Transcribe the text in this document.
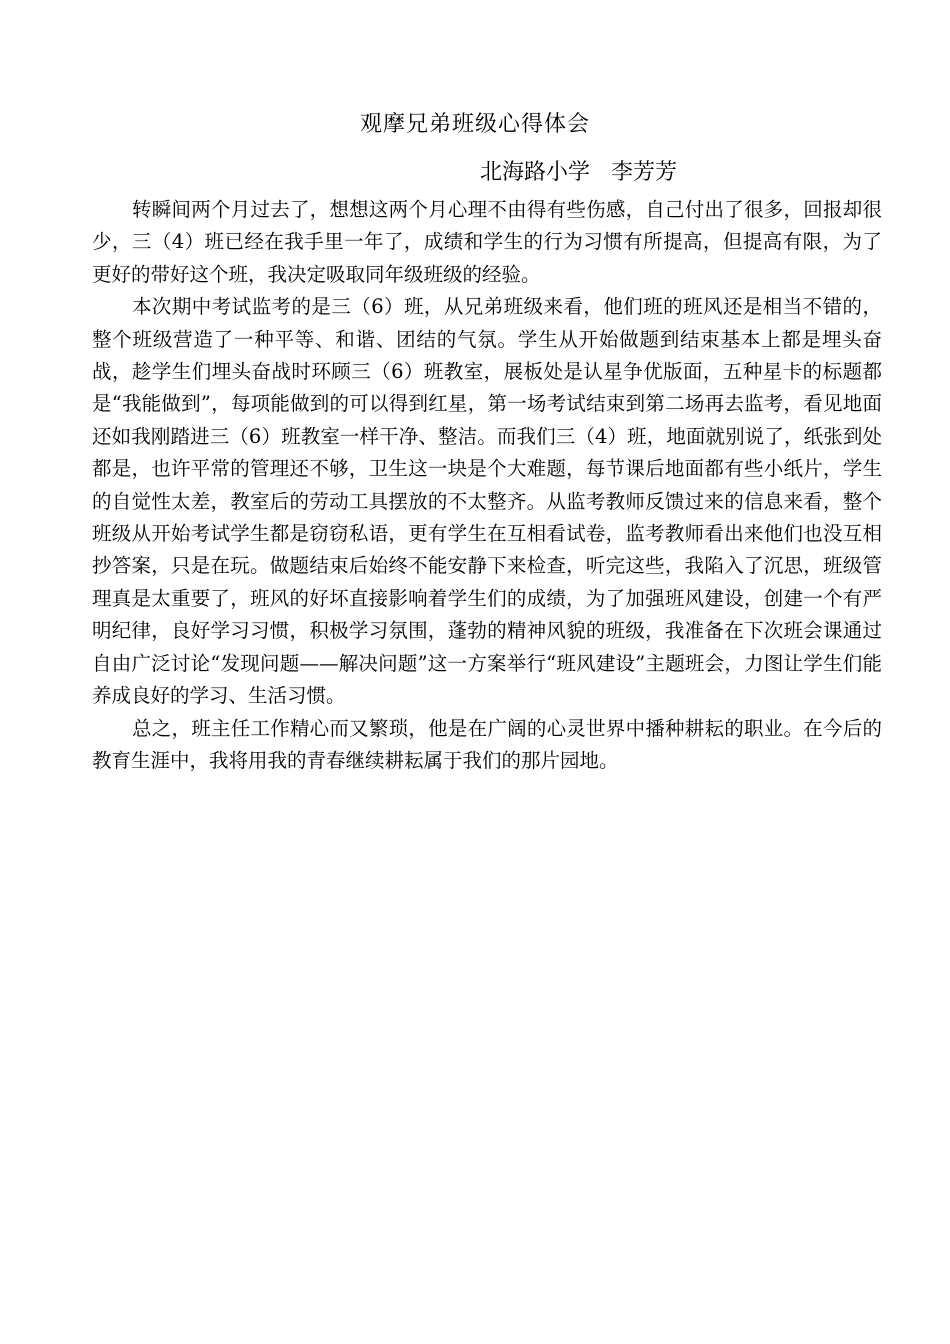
观摩兄弟班级心得体会
北海路小学   李芳芳

转瞬间两个月过去了，想想这两个月心理不由得有些伤感，自己付出了很多，回报却很少，三（4）班已经在我手里一年了，成绩和学生的行为习惯有所提高，但提高有限，为了更好的带好这个班，我决定吸取同年级班级的经验。

本次期中考试监考的是三（6）班，从兄弟班级来看，他们班的班风还是相当不错的，整个班级营造了一种平等、和谐、团结的气氛。学生从开始做题到结束基本上都是埋头奋战，趁学生们埋头奋战时环顾三（6）班教室，展板处是认星争优版面，五种星卡的标题都是“我能做到”，每项能做到的可以得到红星，第一场考试结束到第二场再去监考，看见地面还如我刚踏进三（6）班教室一样干净、整洁。而我们三（4）班，地面就别说了，纸张到处都是，也许平常的管理还不够，卫生这一块是个大难题，每节课后地面都有些小纸片，学生的自觉性太差，教室后的劳动工具摆放的不太整齐。从监考教师反馈过来的信息来看，整个班级从开始考试学生都是窃窃私语，更有学生在互相看试卷，监考教师看出来他们也没互相抄答案，只是在玩。做题结束后始终不能安静下来检查，听完这些，我陷入了沉思，班级管理真是太重要了，班风的好坏直接影响着学生们的成绩，为了加强班风建设，创建一个有严明纪律，良好学习习惯，积极学习氛围，蓬勃的精神风貌的班级，我准备在下次班会课通过自由广泛讨论“发现问题——解决问题”这一方案举行“班风建设”主题班会，力图让学生们能养成良好的学习、生活习惯。

总之，班主任工作精心而又繁琐，他是在广阔的心灵世界中播种耕耘的职业。在今后的教育生涯中，我将用我的青春继续耕耘属于我们的那片园地。
